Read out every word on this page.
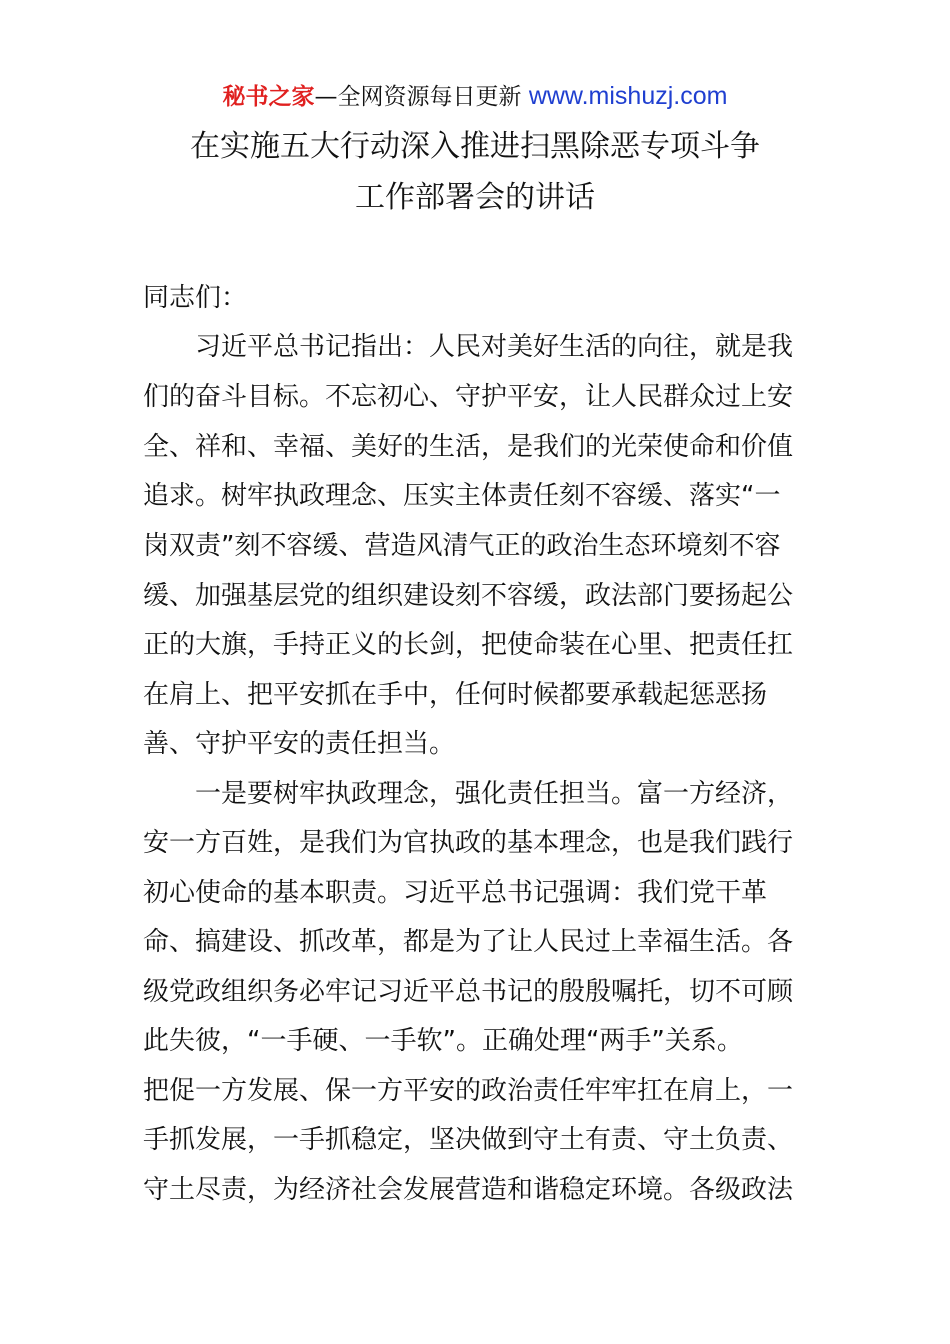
秘书之家—全网资源每日更新 www.mishuzj.com
在实施五大行动深入推进扫黑除恶专项斗争
工作部署会的讲话
同志们：
习近平总书记指出：人民对美好生活的向往，就是我
们的奋斗目标。不忘初心、守护平安，让人民群众过上安
全、祥和、幸福、美好的生活，是我们的光荣使命和价值
追求。树牢执政理念、压实主体责任刻不容缓、落实“一
岗双责”刻不容缓、营造风清气正的政治生态环境刻不容
缓、加强基层党的组织建设刻不容缓，政法部门要扬起公
正的大旗，手持正义的长剑，把使命装在心里、把责任扛
在肩上、把平安抓在手中，任何时候都要承载起惩恶扬
善、守护平安的责任担当。
一是要树牢执政理念，强化责任担当。富一方经济，
安一方百姓，是我们为官执政的基本理念，也是我们践行
初心使命的基本职责。习近平总书记强调：我们党干革
命、搞建设、抓改革，都是为了让人民过上幸福生活。各
级党政组织务必牢记习近平总书记的殷殷嘱托，切不可顾
此失彼，“一手硬、一手软”。正确处理“两手”关系。
把促一方发展、保一方平安的政治责任牢牢扛在肩上，一
手抓发展，一手抓稳定，坚决做到守土有责、守土负责、
守土尽责，为经济社会发展营造和谐稳定环境。各级政法
